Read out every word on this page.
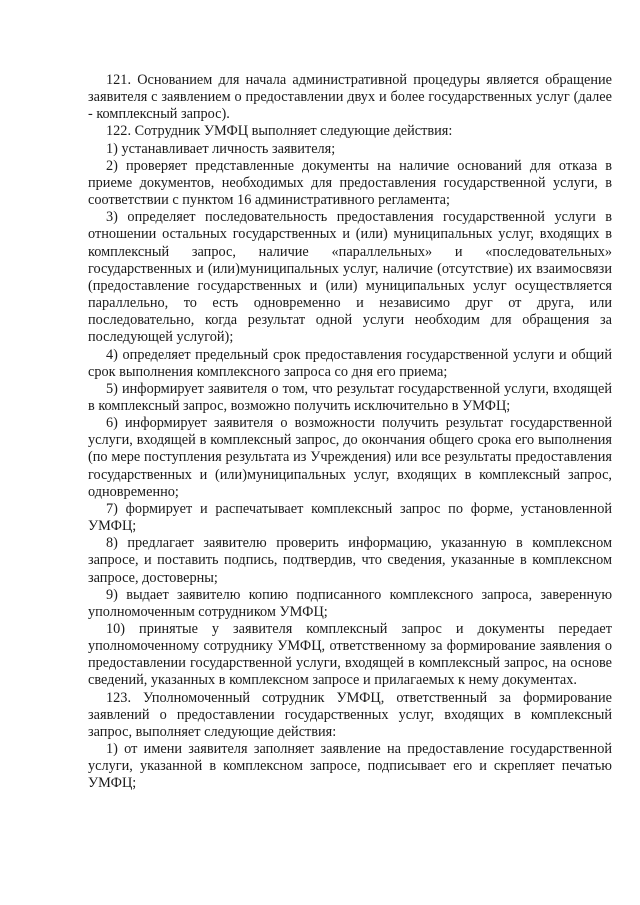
121. Основанием для начала административной процедуры является обращение заявителя с заявлением о предоставлении двух и более государственных услуг (далее - комплексный запрос).

122. Сотрудник УМФЦ выполняет следующие действия:

1) устанавливает личность заявителя;

2) проверяет представленные документы на наличие оснований для отказа в приеме документов, необходимых для предоставления государственной услуги, в соответствии с пунктом 16 административного регламента;

3) определяет последовательность предоставления государственной услуги в отношении остальных государственных и (или) муниципальных услуг, входящих в комплексный запрос, наличие «параллельных» и «последовательных» государственных и (или)муниципальных услуг, наличие (отсутствие) их взаимосвязи (предоставление государственных и (или) муниципальных услуг осуществляется параллельно, то есть одновременно и независимо друг от друга, или последовательно, когда результат одной услуги необходим для обращения за последующей услугой);

4) определяет предельный срок предоставления государственной услуги и общий срок выполнения комплексного запроса со дня его приема;

5) информирует заявителя о том, что результат государственной услуги, входящей в комплексный запрос, возможно получить исключительно в УМФЦ;

6) информирует заявителя о возможности получить результат государственной услуги, входящей в комплексный запрос, до окончания общего срока его выполнения (по мере поступления результата из Учреждения) или все результаты предоставления государственных и (или)муниципальных услуг, входящих в комплексный запрос, одновременно;

7) формирует и распечатывает комплексный запрос по форме, установленной УМФЦ;

8) предлагает заявителю проверить информацию, указанную в комплексном запросе, и поставить подпись, подтвердив, что сведения, указанные в комплексном запросе, достоверны;

9) выдает заявителю копию подписанного комплексного запроса, заверенную уполномоченным сотрудником УМФЦ;

10) принятые у заявителя комплексный запрос и документы передает уполномоченному сотруднику УМФЦ, ответственному за формирование заявления о предоставлении государственной услуги, входящей в комплексный запрос, на основе сведений, указанных в комплексном запросе и прилагаемых к нему документах.

123. Уполномоченный сотрудник УМФЦ, ответственный за формирование заявлений о предоставлении государственных услуг, входящих в комплексный запрос, выполняет следующие действия:

1) от имени заявителя заполняет заявление на предоставление государственной услуги, указанной в комплексном запросе, подписывает его и скрепляет печатью УМФЦ;
